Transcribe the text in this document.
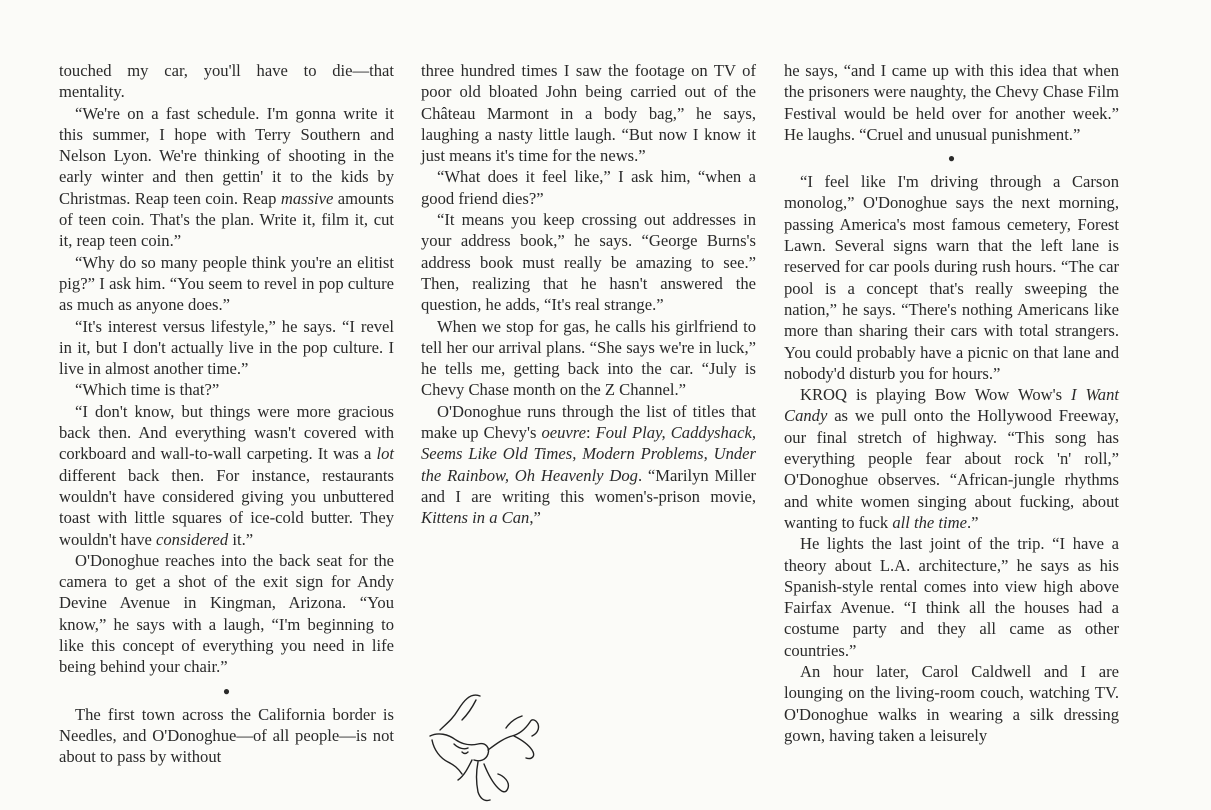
touched my car, you'll have to die—that mentality.

“We're on a fast schedule. I'm gonna write it this summer, I hope with Terry Southern and Nelson Lyon. We're thinking of shooting in the early winter and then gettin' it to the kids by Christmas. Reap teen coin. Reap massive amounts of teen coin. That's the plan. Write it, film it, cut it, reap teen coin.”

“Why do so many people think you're an elitist pig?” I ask him. “You seem to revel in pop culture as much as anyone does.”

“It's interest versus lifestyle,” he says. “I revel in it, but I don't actually live in the pop culture. I live in almost another time.”

“Which time is that?”

“I don't know, but things were more gracious back then. And everything wasn't covered with corkboard and wall-to-wall carpeting. It was a lot different back then. For instance, restaurants wouldn't have considered giving you unbuttered toast with little squares of ice-cold butter. They wouldn't have considered it.”

O'Donoghue reaches into the back seat for the camera to get a shot of the exit sign for Andy Devine Avenue in Kingman, Arizona. “You know,” he says with a laugh, “I'm beginning to like this concept of everything you need in life being behind your chair.”

●

The first town across the California border is Needles, and O'Donoghue—of all people—is not about to pass by without

three hundred times I saw the footage on TV of poor old bloated John being carried out of the Château Marmont in a body bag,” he says, laughing a nasty little laugh. “But now I know it just means it's time for the news.”

“What does it feel like,” I ask him, “when a good friend dies?”

“It means you keep crossing out addresses in your address book,” he says. “George Burns's address book must really be amazing to see.” Then, realizing that he hasn't answered the question, he adds, “It's real strange.”

When we stop for gas, he calls his girlfriend to tell her our arrival plans. “She says we're in luck,” he tells me, getting back into the car. “July is Chevy Chase month on the Z Channel.”

O'Donoghue runs through the list of titles that make up Chevy's oeuvre: Foul Play, Caddyshack, Seems Like Old Times, Modern Problems, Under the Rainbow, Oh Heavenly Dog. “Marilyn Miller and I are writing this women's-prison movie, Kittens in a Can,”

he says, “and I came up with this idea that when the prisoners were naughty, the Chevy Chase Film Festival would be held over for another week.” He laughs. “Cruel and unusual punishment.”

●

“I feel like I'm driving through a Carson monolog,” O'Donoghue says the next morning, passing America's most famous cemetery, Forest Lawn. Several signs warn that the left lane is reserved for car pools during rush hours. “The car pool is a concept that's really sweeping the nation,” he says. “There's nothing Americans like more than sharing their cars with total strangers. You could probably have a picnic on that lane and nobody'd disturb you for hours.”

KROQ is playing Bow Wow Wow's I Want Candy as we pull onto the Hollywood Freeway, our final stretch of highway. “This song has everything people fear about rock 'n' roll,” O'Donoghue observes. “African-jungle rhythms and white women singing about fucking, about wanting to fuck all the time.”

He lights the last joint of the trip. “I have a theory about L.A. architecture,” he says as his Spanish-style rental comes into view high above Fairfax Avenue. “I think all the houses had a costume party and they all came as other countries.”

An hour later, Carol Caldwell and I are lounging on the living-room couch, watching TV. O'Donoghue walks in wearing a silk dressing gown, having taken a leisurely
